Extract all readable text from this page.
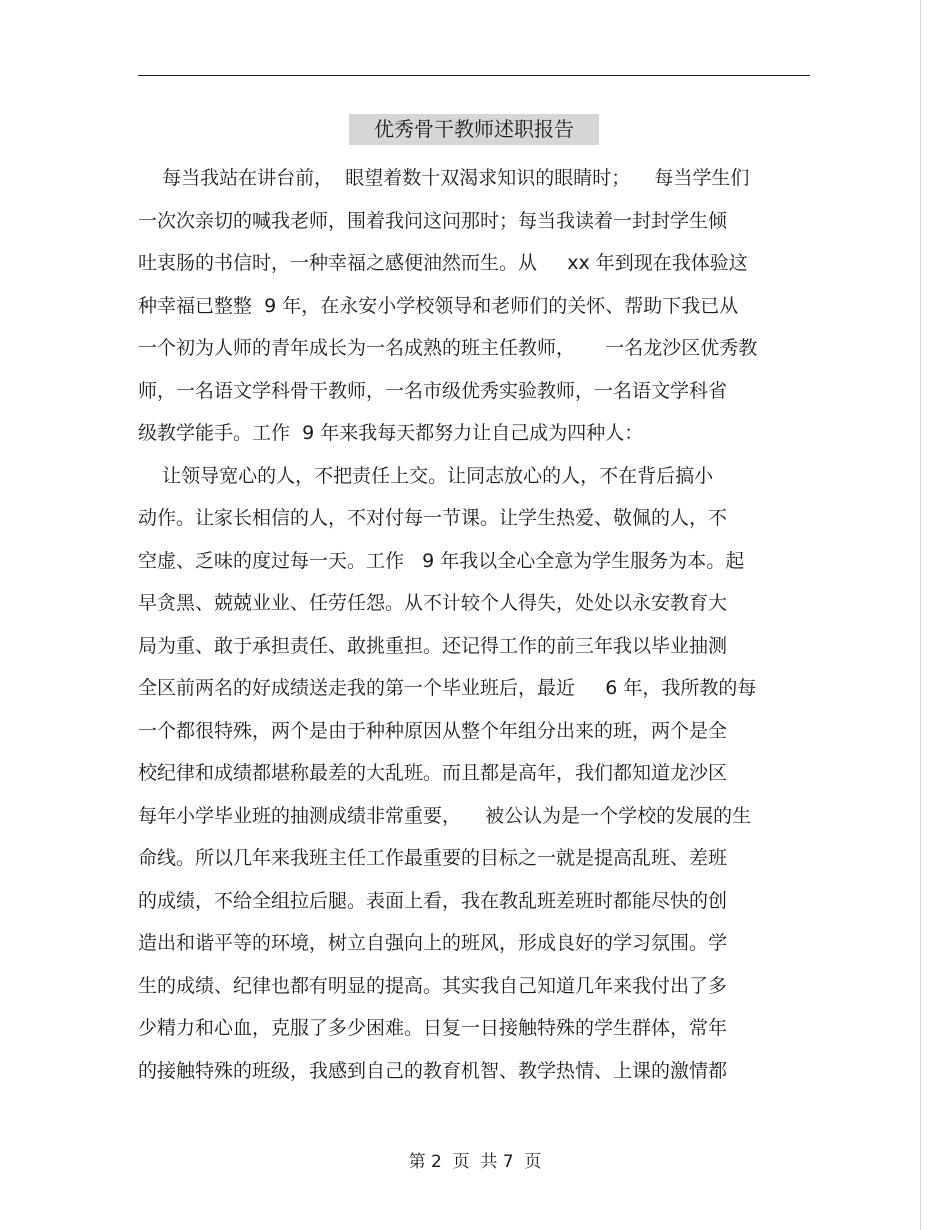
优秀骨干教师述职报告
每当我站在讲台前，  眼望着数十双渴求知识的眼睛时；    每当学生们
一次次亲切的喊我老师，围着我问这问那时；每当我读着一封封学生倾
吐衷肠的书信时，一种幸福之感便油然而生。从     xx 年到现在我体验这
种幸福已整整  9 年，在永安小学校领导和老师们的关怀、帮助下我已从
一个初为人师的青年成长为一名成熟的班主任教师，     一名龙沙区优秀教
师，一名语文学科骨干教师，一名市级优秀实验教师，一名语文学科省
级教学能手。工作  9 年来我每天都努力让自己成为四种人：
让领导宽心的人，不把责任上交。让同志放心的人，不在背后搞小
动作。让家长相信的人，不对付每一节课。让学生热爱、敬佩的人，不
空虚、乏味的度过每一天。工作   9 年我以全心全意为学生服务为本。起
早贪黑、兢兢业业、任劳任怨。从不计较个人得失，处处以永安教育大
局为重、敢于承担责任、敢挑重担。还记得工作的前三年我以毕业抽测
全区前两名的好成绩送走我的第一个毕业班后，最近     6 年，我所教的每
一个都很特殊，两个是由于种种原因从整个年组分出来的班，两个是全
校纪律和成绩都堪称最差的大乱班。而且都是高年，我们都知道龙沙区
每年小学毕业班的抽测成绩非常重要，    被公认为是一个学校的发展的生
命线。所以几年来我班主任工作最重要的目标之一就是提高乱班、差班
的成绩，不给全组拉后腿。表面上看，我在教乱班差班时都能尽快的创
造出和谐平等的环境，树立自强向上的班风，形成良好的学习氛围。学
生的成绩、纪律也都有明显的提高。其实我自己知道几年来我付出了多
少精力和心血，克服了多少困难。日复一日接触特殊的学生群体，常年
的接触特殊的班级，我感到自己的教育机智、教学热情、上课的激情都
第 2  页  共 7  页
